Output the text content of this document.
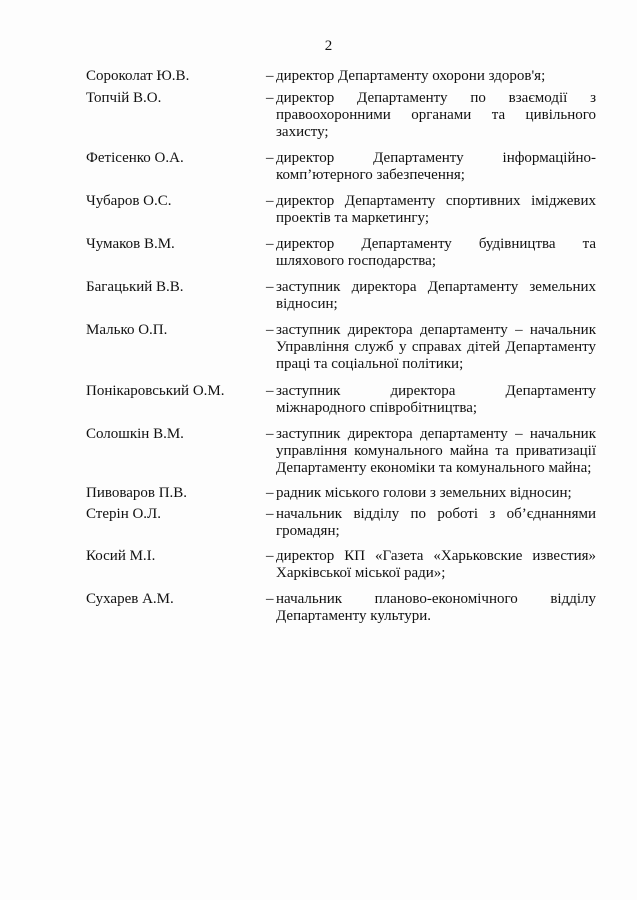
2
Сороколат Ю.В.	– директор Департаменту охорони здоров'я;
Топчій В.О.	– директор Департаменту по взаємодії з правоохоронними органами та цивільного захисту;
Фетісенко О.А.	– директор Департаменту інформаційно-комп’ютерного забезпечення;
Чубаров О.С.	– директор Департаменту спортивних іміджевих проектів та маркетингу;
Чумаков В.М.	– директор Департаменту будівництва та шляхового господарства;
Багацький В.В.	– заступник директора Департаменту земельних відносин;
Малько О.П.	– заступник директора департаменту – начальник Управління служб у справах дітей Департаменту праці та соціальної політики;
Понікаровський О.М.	– заступник директора Департаменту міжнародного співробітництва;
Солошкін В.М.	– заступник директора департаменту – начальник управління комунального майна та приватизації Департаменту економіки та комунального майна;
Пивоваров П.В.	– радник міського голови з земельних відносин;
Стерін О.Л.	– начальник відділу по роботі з об’єднаннями громадян;
Косий М.І.	– директор КП «Газета «Харьковские известия» Харківської міської ради»;
Сухарев А.М.	– начальник планово-економічного відділу Департаменту культури.
